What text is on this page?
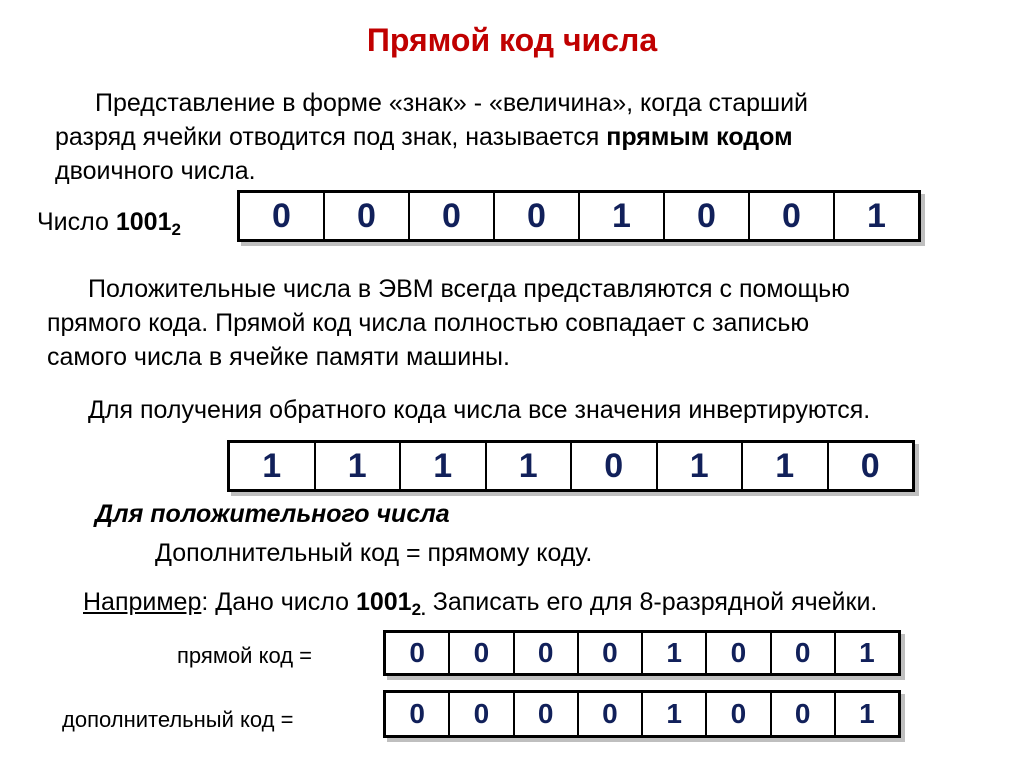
Прямой код числа
Представление в форме «знак» - «величина», когда старший
разряд ячейки отводится под знак, называется прямым кодом
двоичного числа.
Число $1001_2$	0	0	0	0	1	0	0	1
Положительные числа в ЭВМ всегда представляются с помощью
прямого кода. Прямой код числа полностью совпадает с записью
самого числа в ячейке памяти машины.
Для получения обратного кода числа все значения инвертируются.
1	1	1	1	0	1	1	0
Для положительного числа
Дополнительный код = прямому коду.
Например: Дано число $1001_{2.}$ Записать его для 8-разрядной ячейки.
прямой код =	0	0	0	0	1	0	0	1
дополнительный код =	0	0	0	0	1	0	0	1
